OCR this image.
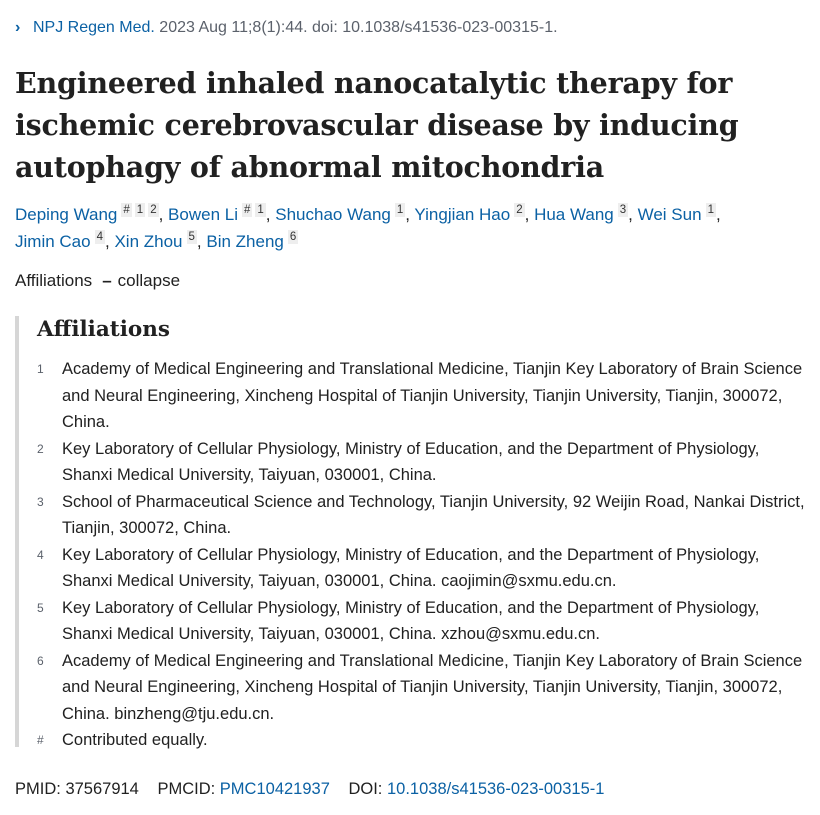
› NPJ Regen Med. 2023 Aug 11;8(1):44. doi: 10.1038/s41536-023-00315-1.
Engineered inhaled nanocatalytic therapy for ischemic cerebrovascular disease by inducing autophagy of abnormal mitochondria
Deping Wang # 1 2 , Bowen Li # 1 , Shuchao Wang 1 , Yingjian Hao 2 , Hua Wang 3 , Wei Sun 1 , Jimin Cao 4 , Xin Zhou 5 , Bin Zheng 6
Affiliations – collapse
Affiliations
1	Academy of Medical Engineering and Translational Medicine, Tianjin Key Laboratory of Brain Science and Neural Engineering, Xincheng Hospital of Tianjin University, Tianjin University, Tianjin, 300072, China.
2	Key Laboratory of Cellular Physiology, Ministry of Education, and the Department of Physiology, Shanxi Medical University, Taiyuan, 030001, China.
3	School of Pharmaceutical Science and Technology, Tianjin University, 92 Weijin Road, Nankai District, Tianjin, 300072, China.
4	Key Laboratory of Cellular Physiology, Ministry of Education, and the Department of Physiology, Shanxi Medical University, Taiyuan, 030001, China. caojimin@sxmu.edu.cn.
5	Key Laboratory of Cellular Physiology, Ministry of Education, and the Department of Physiology, Shanxi Medical University, Taiyuan, 030001, China. xzhou@sxmu.edu.cn.
6	Academy of Medical Engineering and Translational Medicine, Tianjin Key Laboratory of Brain Science and Neural Engineering, Xincheng Hospital of Tianjin University, Tianjin University, Tianjin, 300072, China. binzheng@tju.edu.cn.
#	Contributed equally.
PMID: 37567914 PMCID: PMC10421937 DOI: 10.1038/s41536-023-00315-1
